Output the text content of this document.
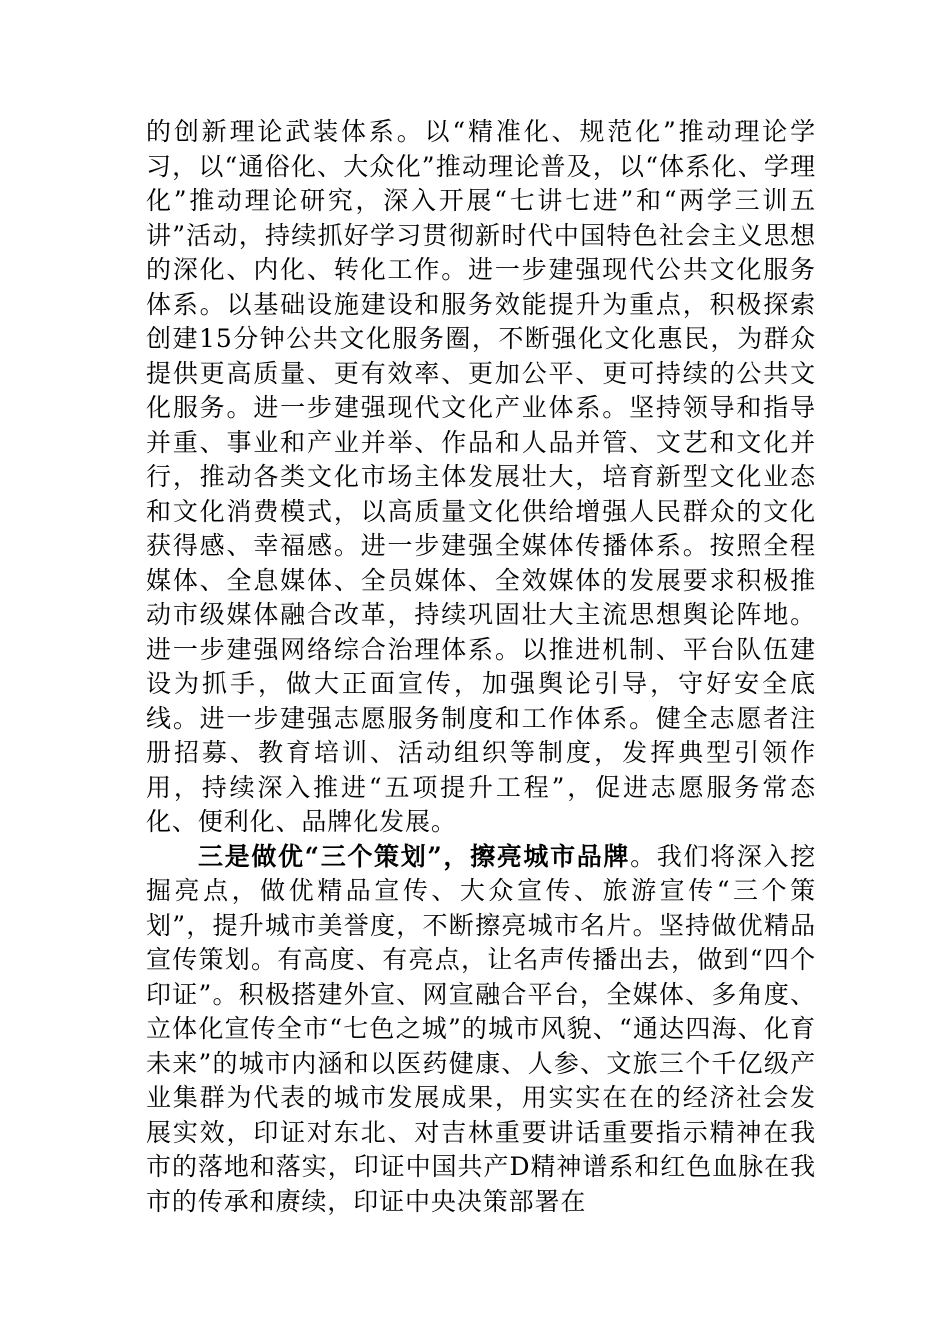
的创新理论武装体系。以“精准化、规范化”推动理论学习，以“通俗化、大众化”推动理论普及，以“体系化、学理化”推动理论研究，深入开展“七讲七进”和“两学三训五讲”活动，持续抓好学习贯彻新时代中国特色社会主义思想的深化、内化、转化工作。进一步建强现代公共文化服务体系。以基础设施建设和服务效能提升为重点，积极探索创建15分钟公共文化服务圈，不断强化文化惠民，为群众提供更高质量、更有效率、更加公平、更可持续的公共文化服务。进一步建强现代文化产业体系。坚持领导和指导并重、事业和产业并举、作品和人品并管、文艺和文化并行，推动各类文化市场主体发展壮大，培育新型文化业态和文化消费模式，以高质量文化供给增强人民群众的文化获得感、幸福感。进一步建强全媒体传播体系。按照全程媒体、全息媒体、全员媒体、全效媒体的发展要求积极推动市级媒体融合改革，持续巩固壮大主流思想舆论阵地。进一步建强网络综合治理体系。以推进机制、平台队伍建设为抓手，做大正面宣传，加强舆论引导，守好安全底线。进一步建强志愿服务制度和工作体系。健全志愿者注册招募、教育培训、活动组织等制度，发挥典型引领作用，持续深入推进“五项提升工程”，促进志愿服务常态化、便利化、品牌化发展。

三是做优“三个策划”，擦亮城市品牌。我们将深入挖掘亮点，做优精品宣传、大众宣传、旅游宣传“三个策划”，提升城市美誉度，不断擦亮城市名片。坚持做优精品宣传策划。有高度、有亮点，让名声传播出去，做到“四个印证”。积极搭建外宣、网宣融合平台，全媒体、多角度、立体化宣传全市“七色之城”的城市风貌、“通达四海、化育未来”的城市内涵和以医药健康、人参、文旅三个千亿级产业集群为代表的城市发展成果，用实实在在的经济社会发展实效，印证对东北、对吉林重要讲话重要指示精神在我市的落地和落实，印证中国共产D精神谱系和红色血脉在我市的传承和赓续，印证中央决策部署在
